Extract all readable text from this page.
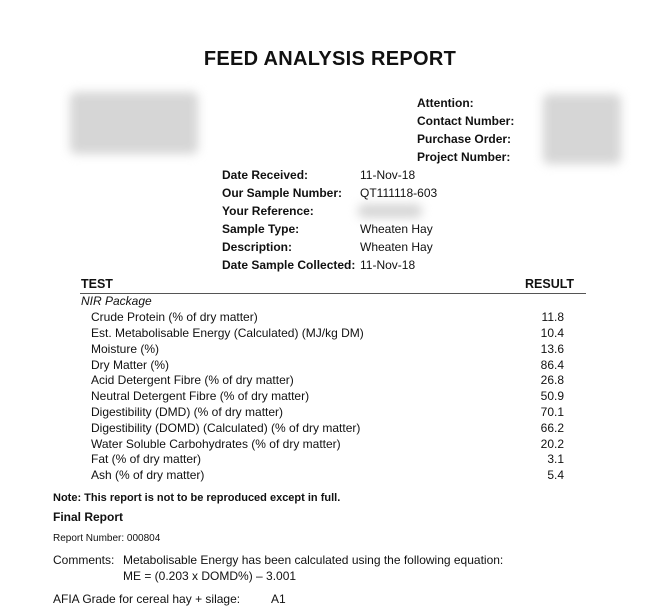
FEED ANALYSIS REPORT
Attention:
Contact Number:
Purchase Order:
Project Number:
Date Received:	11-Nov-18
Our Sample Number: QT111118-603
Your Reference:
Sample Type:	Wheaten Hay
Description:	Wheaten Hay
Date Sample Collected: 11-Nov-18
TEST	RESULT
NIR Package
Crude Protein (% of dry matter)	11.8
Est. Metabolisable Energy (Calculated) (MJ/kg DM)	10.4
Moisture (%)	13.6
Dry Matter (%)	86.4
Acid Detergent Fibre (% of dry matter)	26.8
Neutral Detergent Fibre (% of dry matter)	50.9
Digestibility (DMD) (% of dry matter)	70.1
Digestibility (DOMD) (Calculated) (% of dry matter)	66.2
Water Soluble Carbohydrates (% of dry matter)	20.2
Fat (% of dry matter)	3.1
Ash (% of dry matter)	5.4
Note: This report is not to be reproduced except in full.
Final Report
Report Number: 000804
Comments: Metabolisable Energy has been calculated using the following equation:
ME = (0.203 x DOMD%) – 3.001
AFIA Grade for cereal hay + silage:	A1
